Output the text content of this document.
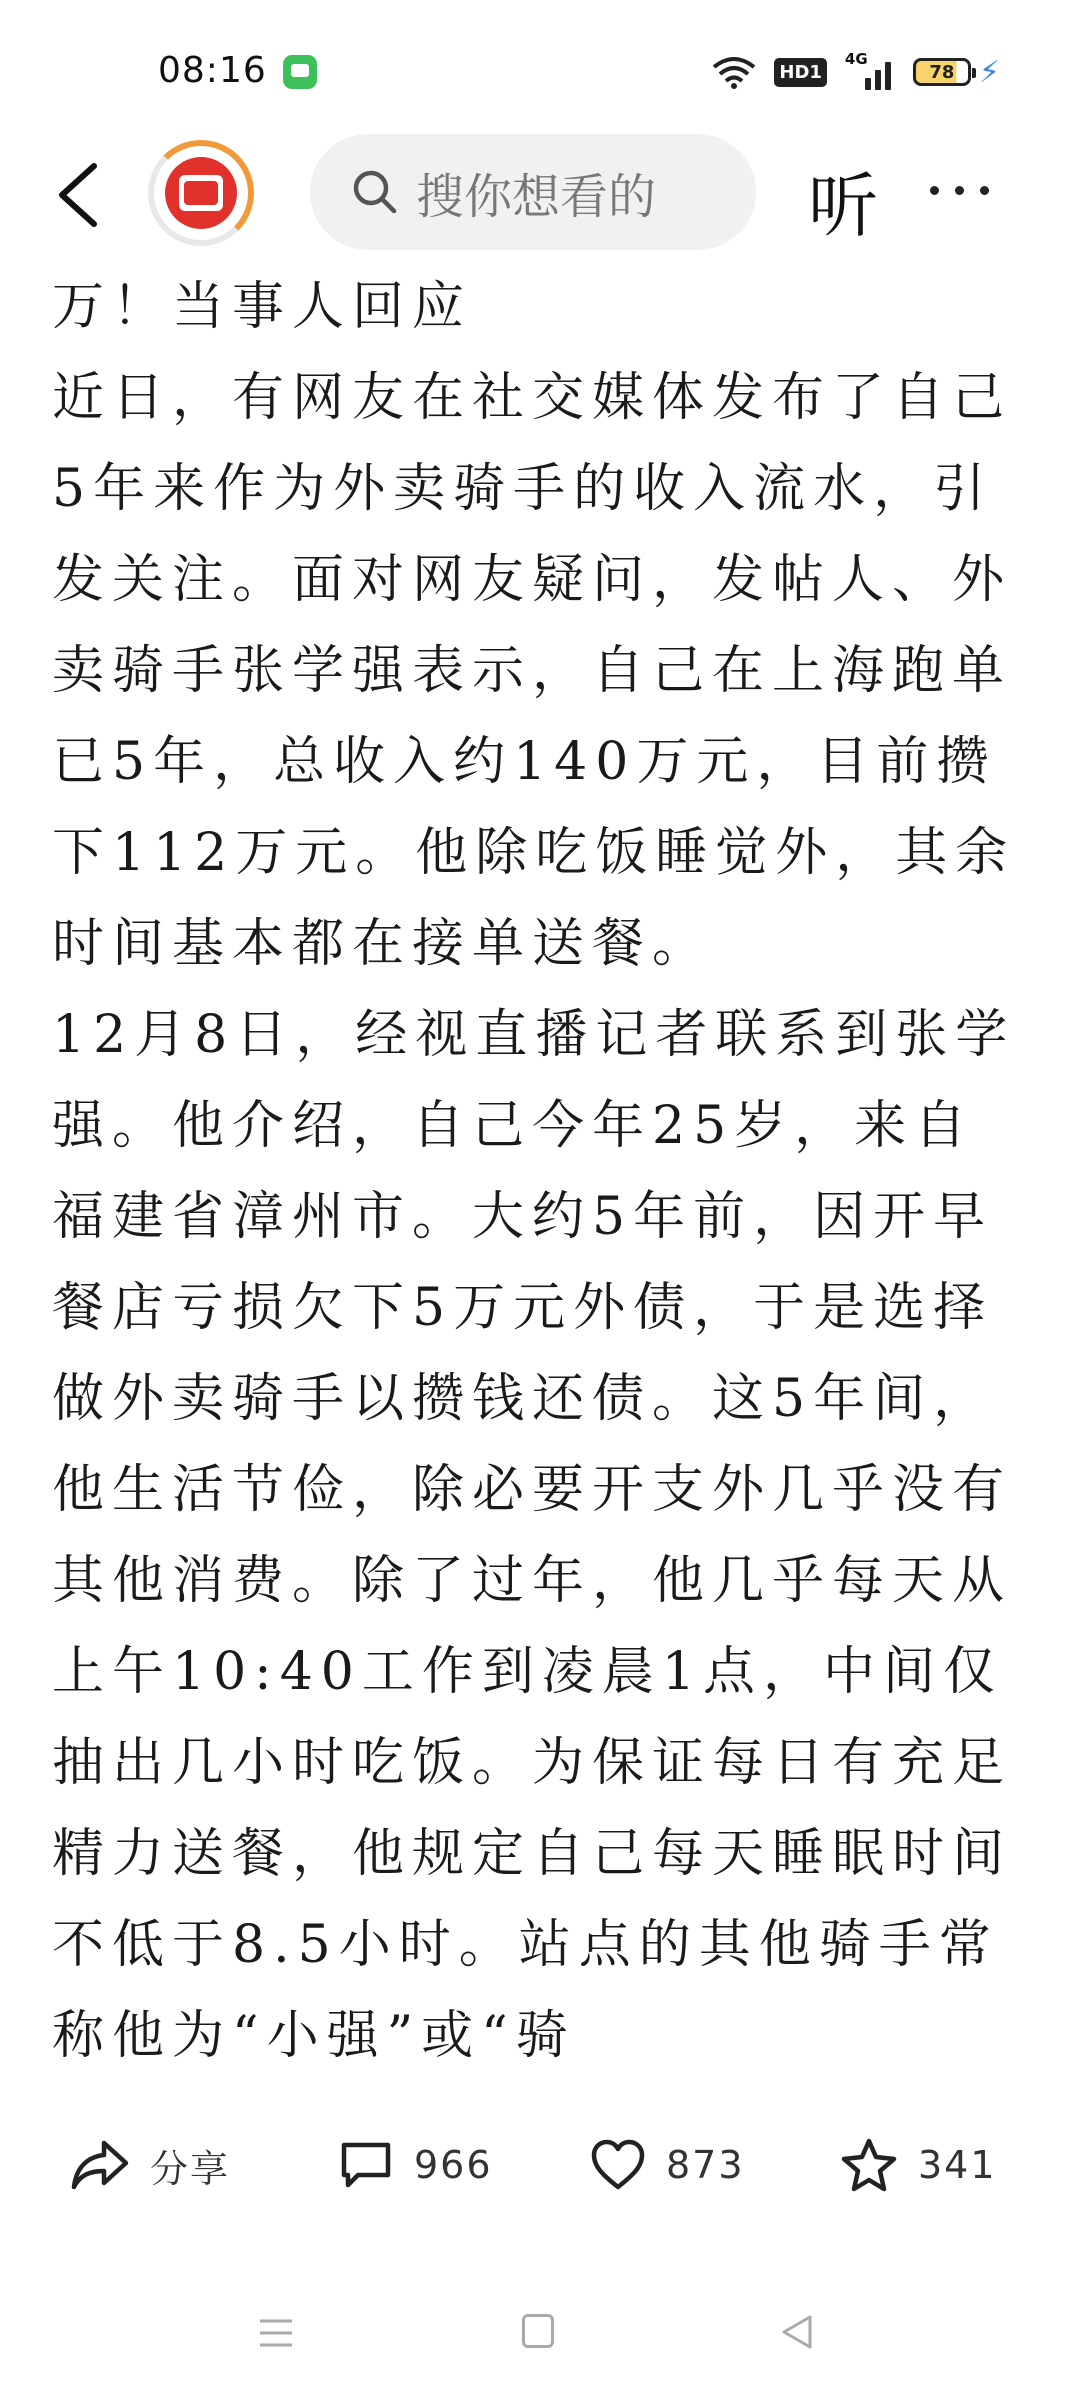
08:16	HD1
4G
78 ⚡
搜你想看的 听

万！当事人回应

近日，有网友在社交媒体发布了自己5年来作为外卖骑手的收入流水，引发关注。面对网友疑问，发帖人、外卖骑手张学强表示，自己在上海跑单已5年，总收入约140万元，目前攒下112万元。他除吃饭睡觉外，其余时间基本都在接单送餐。

12月8日，经视直播记者联系到张学强。他介绍，自己今年25岁，来自福建省漳州市。大约5年前，因开早餐店亏损欠下5万元外债，于是选择做外卖骑手以攒钱还债。这5年间，他生活节俭，除必要开支外几乎没有其他消费。除了过年，他几乎每天从上午10:40工作到凌晨1点，中间仅抽出几小时吃饭。为保证每日有充足精力送餐，他规定自己每天睡眠时间不低于8.5小时。站点的其他骑手常称他为“小强”或“骑

分享	966	873	341
